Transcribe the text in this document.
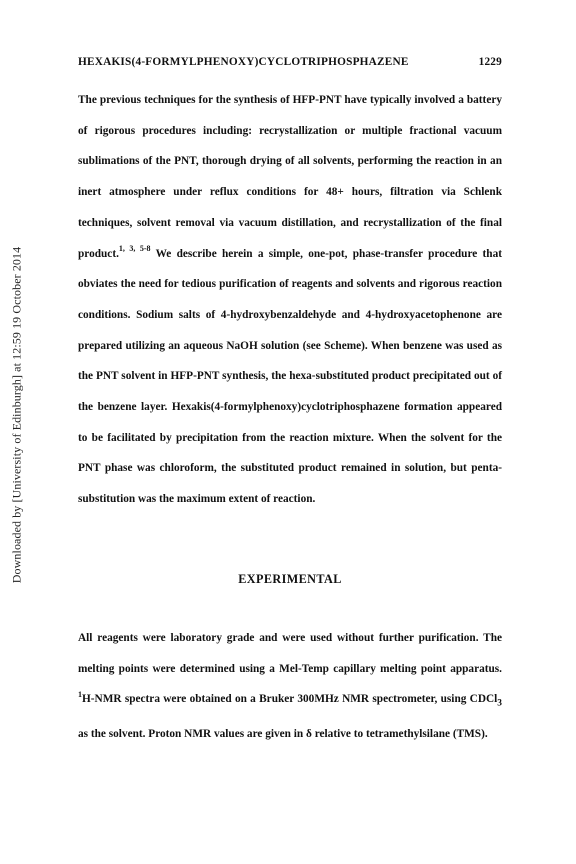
Downloaded by [University of Edinburgh] at 12:59 19 October 2014
HEXAKIS(4-FORMYLPHENOXY)CYCLOTRIPHOSPHAZENE	1229

The previous techniques for the synthesis of HFP-PNT have typically involved a battery of rigorous procedures including: recrystallization or multiple fractional vacuum sublimations of the PNT, thorough drying of all solvents, performing the reaction in an inert atmosphere under reflux conditions for 48+ hours, filtration via Schlenk techniques, solvent removal via vacuum distillation, and recrystallization of the final product.$^{1, 3, 5-8}$ We describe herein a simple, one-pot, phase-transfer procedure that obviates the need for tedious purification of reagents and solvents and rigorous reaction conditions. Sodium salts of 4-hydroxybenzaldehyde and 4-hydroxyacetophenone are prepared utilizing an aqueous NaOH solution (see Scheme). When benzene was used as the PNT solvent in HFP-PNT synthesis, the hexa-substituted product precipitated out of the benzene layer. Hexakis(4-formylphenoxy)cyclotriphosphazene formation appeared to be facilitated by precipitation from the reaction mixture. When the solvent for the PNT phase was chloroform, the substituted product remained in solution, but penta-substitution was the maximum extent of reaction.

EXPERIMENTAL

All reagents were laboratory grade and were used without further purification. The melting points were determined using a Mel-Temp capillary melting point apparatus. $^1$H-NMR spectra were obtained on a Bruker 300MHz NMR spectrometer, using CDCl$_3$ as the solvent. Proton NMR values are given in δ relative to tetramethylsilane (TMS).
